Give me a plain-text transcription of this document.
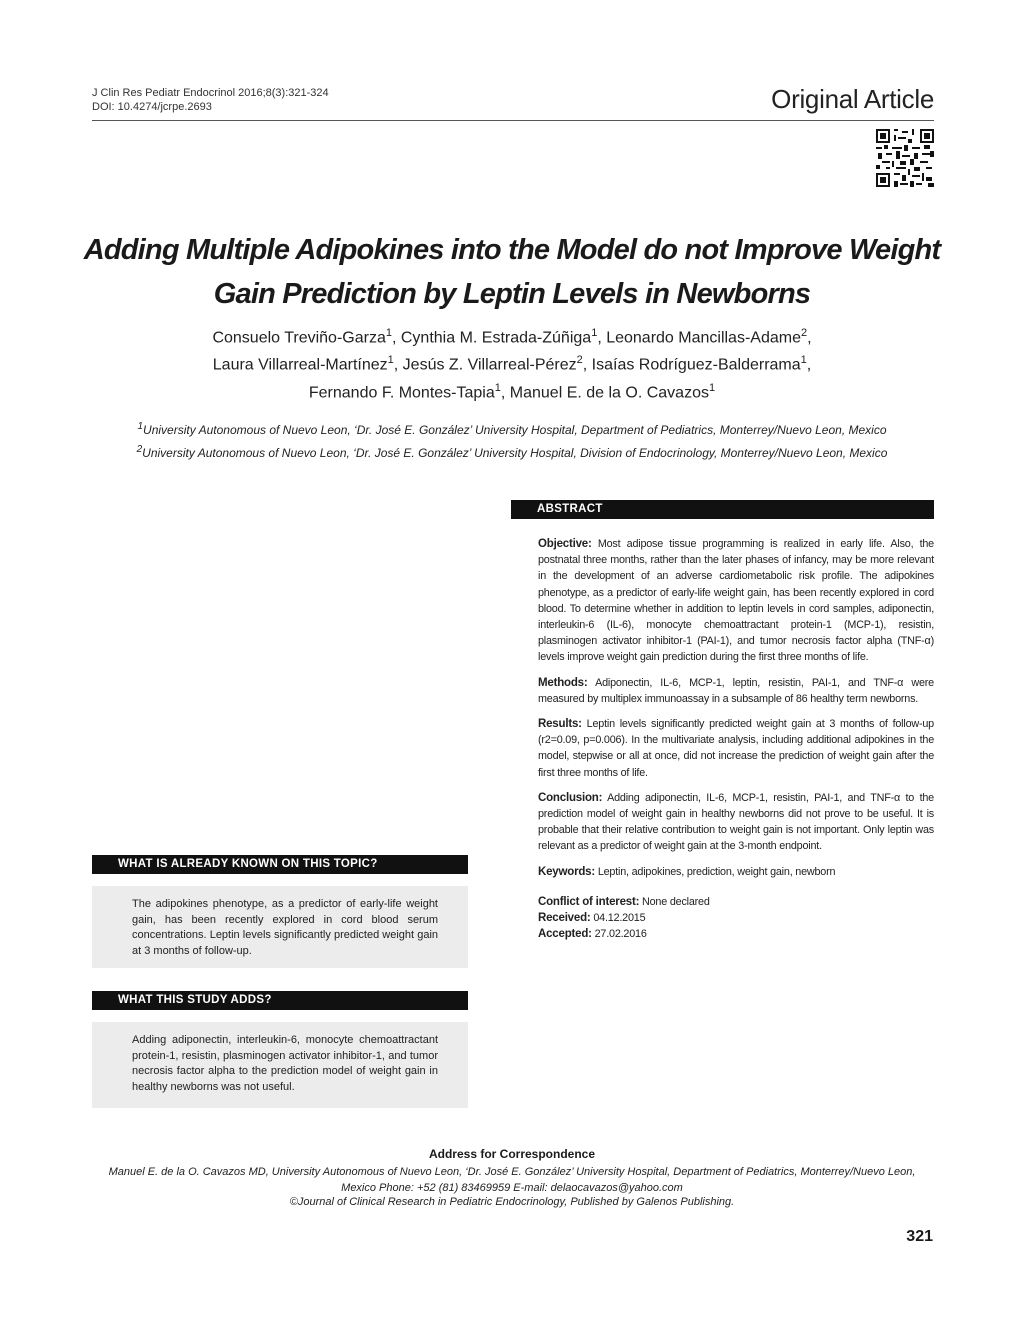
J Clin Res Pediatr Endocrinol 2016;8(3):321-324
DOI: 10.4274/jcrpe.2693	Original Article
Adding Multiple Adipokines into the Model do not Improve Weight
Gain Prediction by Leptin Levels in Newborns
Consuelo Treviño-Garza$^1$, Cynthia M. Estrada-Zúñiga$^1$, Leonardo Mancillas-Adame$^2$,
Laura Villarreal-Martínez$^1$, Jesús Z. Villarreal-Pérez$^2$, Isaías Rodríguez-Balderrama$^1$,
Fernando F. Montes-Tapia$^1$, Manuel E. de la O. Cavazos$^1$
$^1$University Autonomous of Nuevo Leon, ‘Dr. José E. González’ University Hospital, Department of Pediatrics, Monterrey/Nuevo Leon, Mexico
$^2$University Autonomous of Nuevo Leon, ‘Dr. José E. González’ University Hospital, Division of Endocrinology, Monterrey/Nuevo Leon, Mexico
ABSTRACT

Objective: Most adipose tissue programming is realized in early life. Also, the postnatal three months, rather than the later phases of infancy, may be more relevant in the development of an adverse cardiometabolic risk profile. The adipokines phenotype, as a predictor of early-life weight gain, has been recently explored in cord blood. To determine whether in addition to leptin levels in cord samples, adiponectin, interleukin-6 (IL-6), monocyte chemoattractant protein-1 (MCP-1), resistin, plasminogen activator inhibitor-1 (PAI-1), and tumor necrosis factor alpha (TNF-α) levels improve weight gain prediction during the first three months of life.

Methods: Adiponectin, IL-6, MCP-1, leptin, resistin, PAI-1, and TNF-α were measured by multiplex immunoassay in a subsample of 86 healthy term newborns.

Results: Leptin levels significantly predicted weight gain at 3 months of follow-up (r2=0.09, p=0.006). In the multivariate analysis, including additional adipokines in the model, stepwise or all at once, did not increase the prediction of weight gain after the first three months of life.

Conclusion: Adding adiponectin, IL-6, MCP-1, resistin, PAI-1, and TNF-α to the prediction model of weight gain in healthy newborns did not prove to be useful. It is probable that their relative contribution to weight gain is not important. Only leptin was relevant as a predictor of weight gain at the 3-month endpoint.

Keywords: Leptin, adipokines, prediction, weight gain, newborn

Conflict of interest: None declared

Received: 04.12.2015

Accepted: 27.02.2016

WHAT IS ALREADY KNOWN ON THIS TOPIC?
The adipokines phenotype, as a predictor of early-life weight gain, has been recently explored in cord blood serum concentrations. Leptin levels significantly predicted weight gain at 3 months of follow-up.
WHAT THIS STUDY ADDS?
Adding adiponectin, interleukin-6, monocyte chemoattractant protein-1, resistin, plasminogen activator inhibitor-1, and tumor necrosis factor alpha to the prediction model of weight gain in healthy newborns was not useful.
Address for Correspondence
Manuel E. de la O. Cavazos MD, University Autonomous of Nuevo Leon, ‘Dr. José E. González’ University Hospital, Department of Pediatrics, Monterrey/Nuevo Leon, Mexico Phone: +52 (81) 83469959 E-mail: delaocavazos@yahoo.com
©Journal of Clinical Research in Pediatric Endocrinology, Published by Galenos Publishing.
321
